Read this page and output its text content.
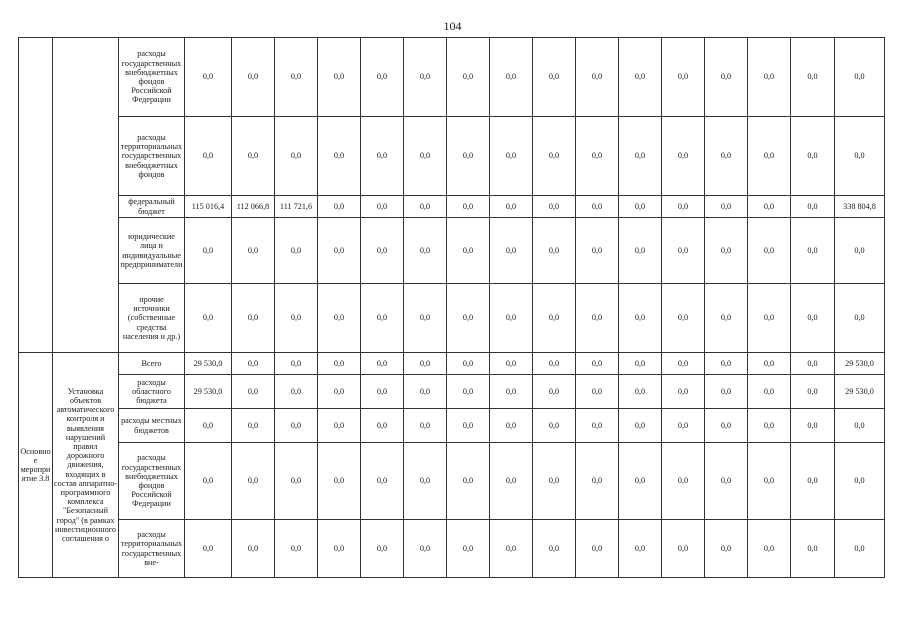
104
		расходы государственных внебюджетных фондов Российской Федерации	0,0	0,0	0,0	0,0	0,0	0,0	0,0	0,0	0,0	0,0	0,0	0,0	0,0	0,0	0,0	0,0
		расходы территориальных государственных внебюджетных фондов	0,0	0,0	0,0	0,0	0,0	0,0	0,0	0,0	0,0	0,0	0,0	0,0	0,0	0,0	0,0	0,0
		федеральный бюджет	115 016,4	112 066,8	111 721,6	0,0	0,0	0,0	0,0	0,0	0,0	0,0	0,0	0,0	0,0	0,0	0,0	338 804,8
		юридические лица и индивидуальные предприниматели	0,0	0,0	0,0	0,0	0,0	0,0	0,0	0,0	0,0	0,0	0,0	0,0	0,0	0,0	0,0	0,0
		прочие источники (собственные средства населения и др.)	0,0	0,0	0,0	0,0	0,0	0,0	0,0	0,0	0,0	0,0	0,0	0,0	0,0	0,0	0,0	0,0
Основное мероприятие 3.8	Установка объектов автоматического контроля и выявления нарушений правил дорожного движения, входящих в состав аппаратно-программного комплекса "Безопасный город" (в рамках инвестиционного соглашения о	Всего	29 530,0	0,0	0,0	0,0	0,0	0,0	0,0	0,0	0,0	0,0	0,0	0,0	0,0	0,0	0,0	29 530,0
		расходы областного бюджета	29 530,0	0,0	0,0	0,0	0,0	0,0	0,0	0,0	0,0	0,0	0,0	0,0	0,0	0,0	0,0	29 530,0
		расходы местных бюджетов	0,0	0,0	0,0	0,0	0,0	0,0	0,0	0,0	0,0	0,0	0,0	0,0	0,0	0,0	0,0	0,0
		расходы государственных внебюджетных фондов Российской Федерации	0,0	0,0	0,0	0,0	0,0	0,0	0,0	0,0	0,0	0,0	0,0	0,0	0,0	0,0	0,0	0,0
		расходы территориальных государственных вне-	0,0	0,0	0,0	0,0	0,0	0,0	0,0	0,0	0,0	0,0	0,0	0,0	0,0	0,0	0,0	0,0
